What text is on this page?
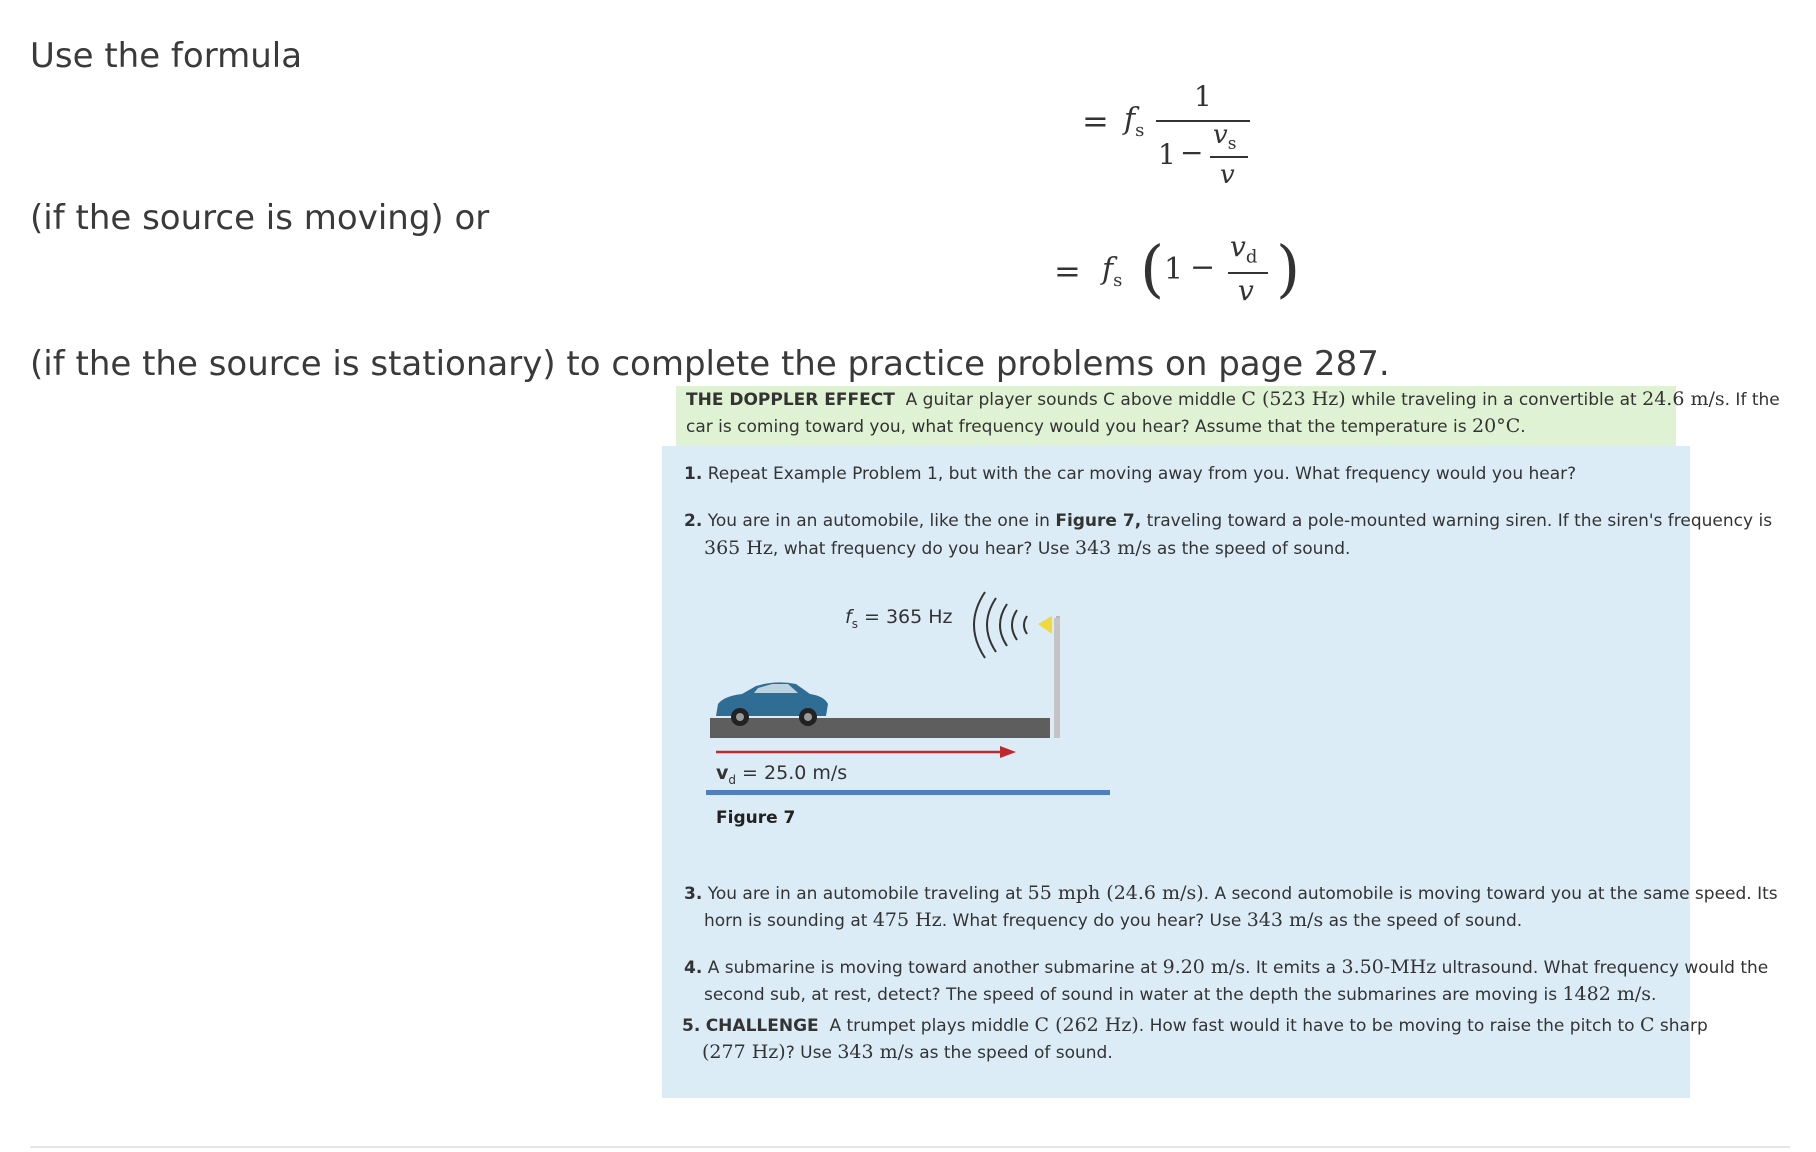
Use the formula
(if the source is moving) or
(if the the source is stationary) to complete the practice problems on page 287.
= $f_s$
1
1 −
$v_s$
v
= $f_s$ ( 1 −
$v_d$
v )
THE DOPPLER EFFECT A guitar player sounds C above middle C (523 Hz) while traveling in a convertible at 24.6 m/s. If the
car is coming toward you, what frequency would you hear? Assume that the temperature is 20°C.
1. Repeat Example Problem 1, but with the car moving away from you. What frequency would you hear?
2. You are in an automobile, like the one in Figure 7, traveling toward a pole-mounted warning siren. If the siren's frequency is
365 Hz, what frequency do you hear? Use 343 m/s as the speed of sound.
$f_s = 365$ Hz
$v_d = 25.0$ m/s
Figure 7
3. You are in an automobile traveling at 55 mph (24.6 m/s). A second automobile is moving toward you at the same speed. Its
horn is sounding at 475 Hz. What frequency do you hear? Use 343 m/s as the speed of sound.
4. A submarine is moving toward another submarine at 9.20 m/s. It emits a 3.50-MHz ultrasound. What frequency would the
second sub, at rest, detect? The speed of sound in water at the depth the submarines are moving is 1482 m/s.
5. CHALLENGE A trumpet plays middle C (262 Hz). How fast would it have to be moving to raise the pitch to C sharp
(277 Hz)? Use 343 m/s as the speed of sound.
